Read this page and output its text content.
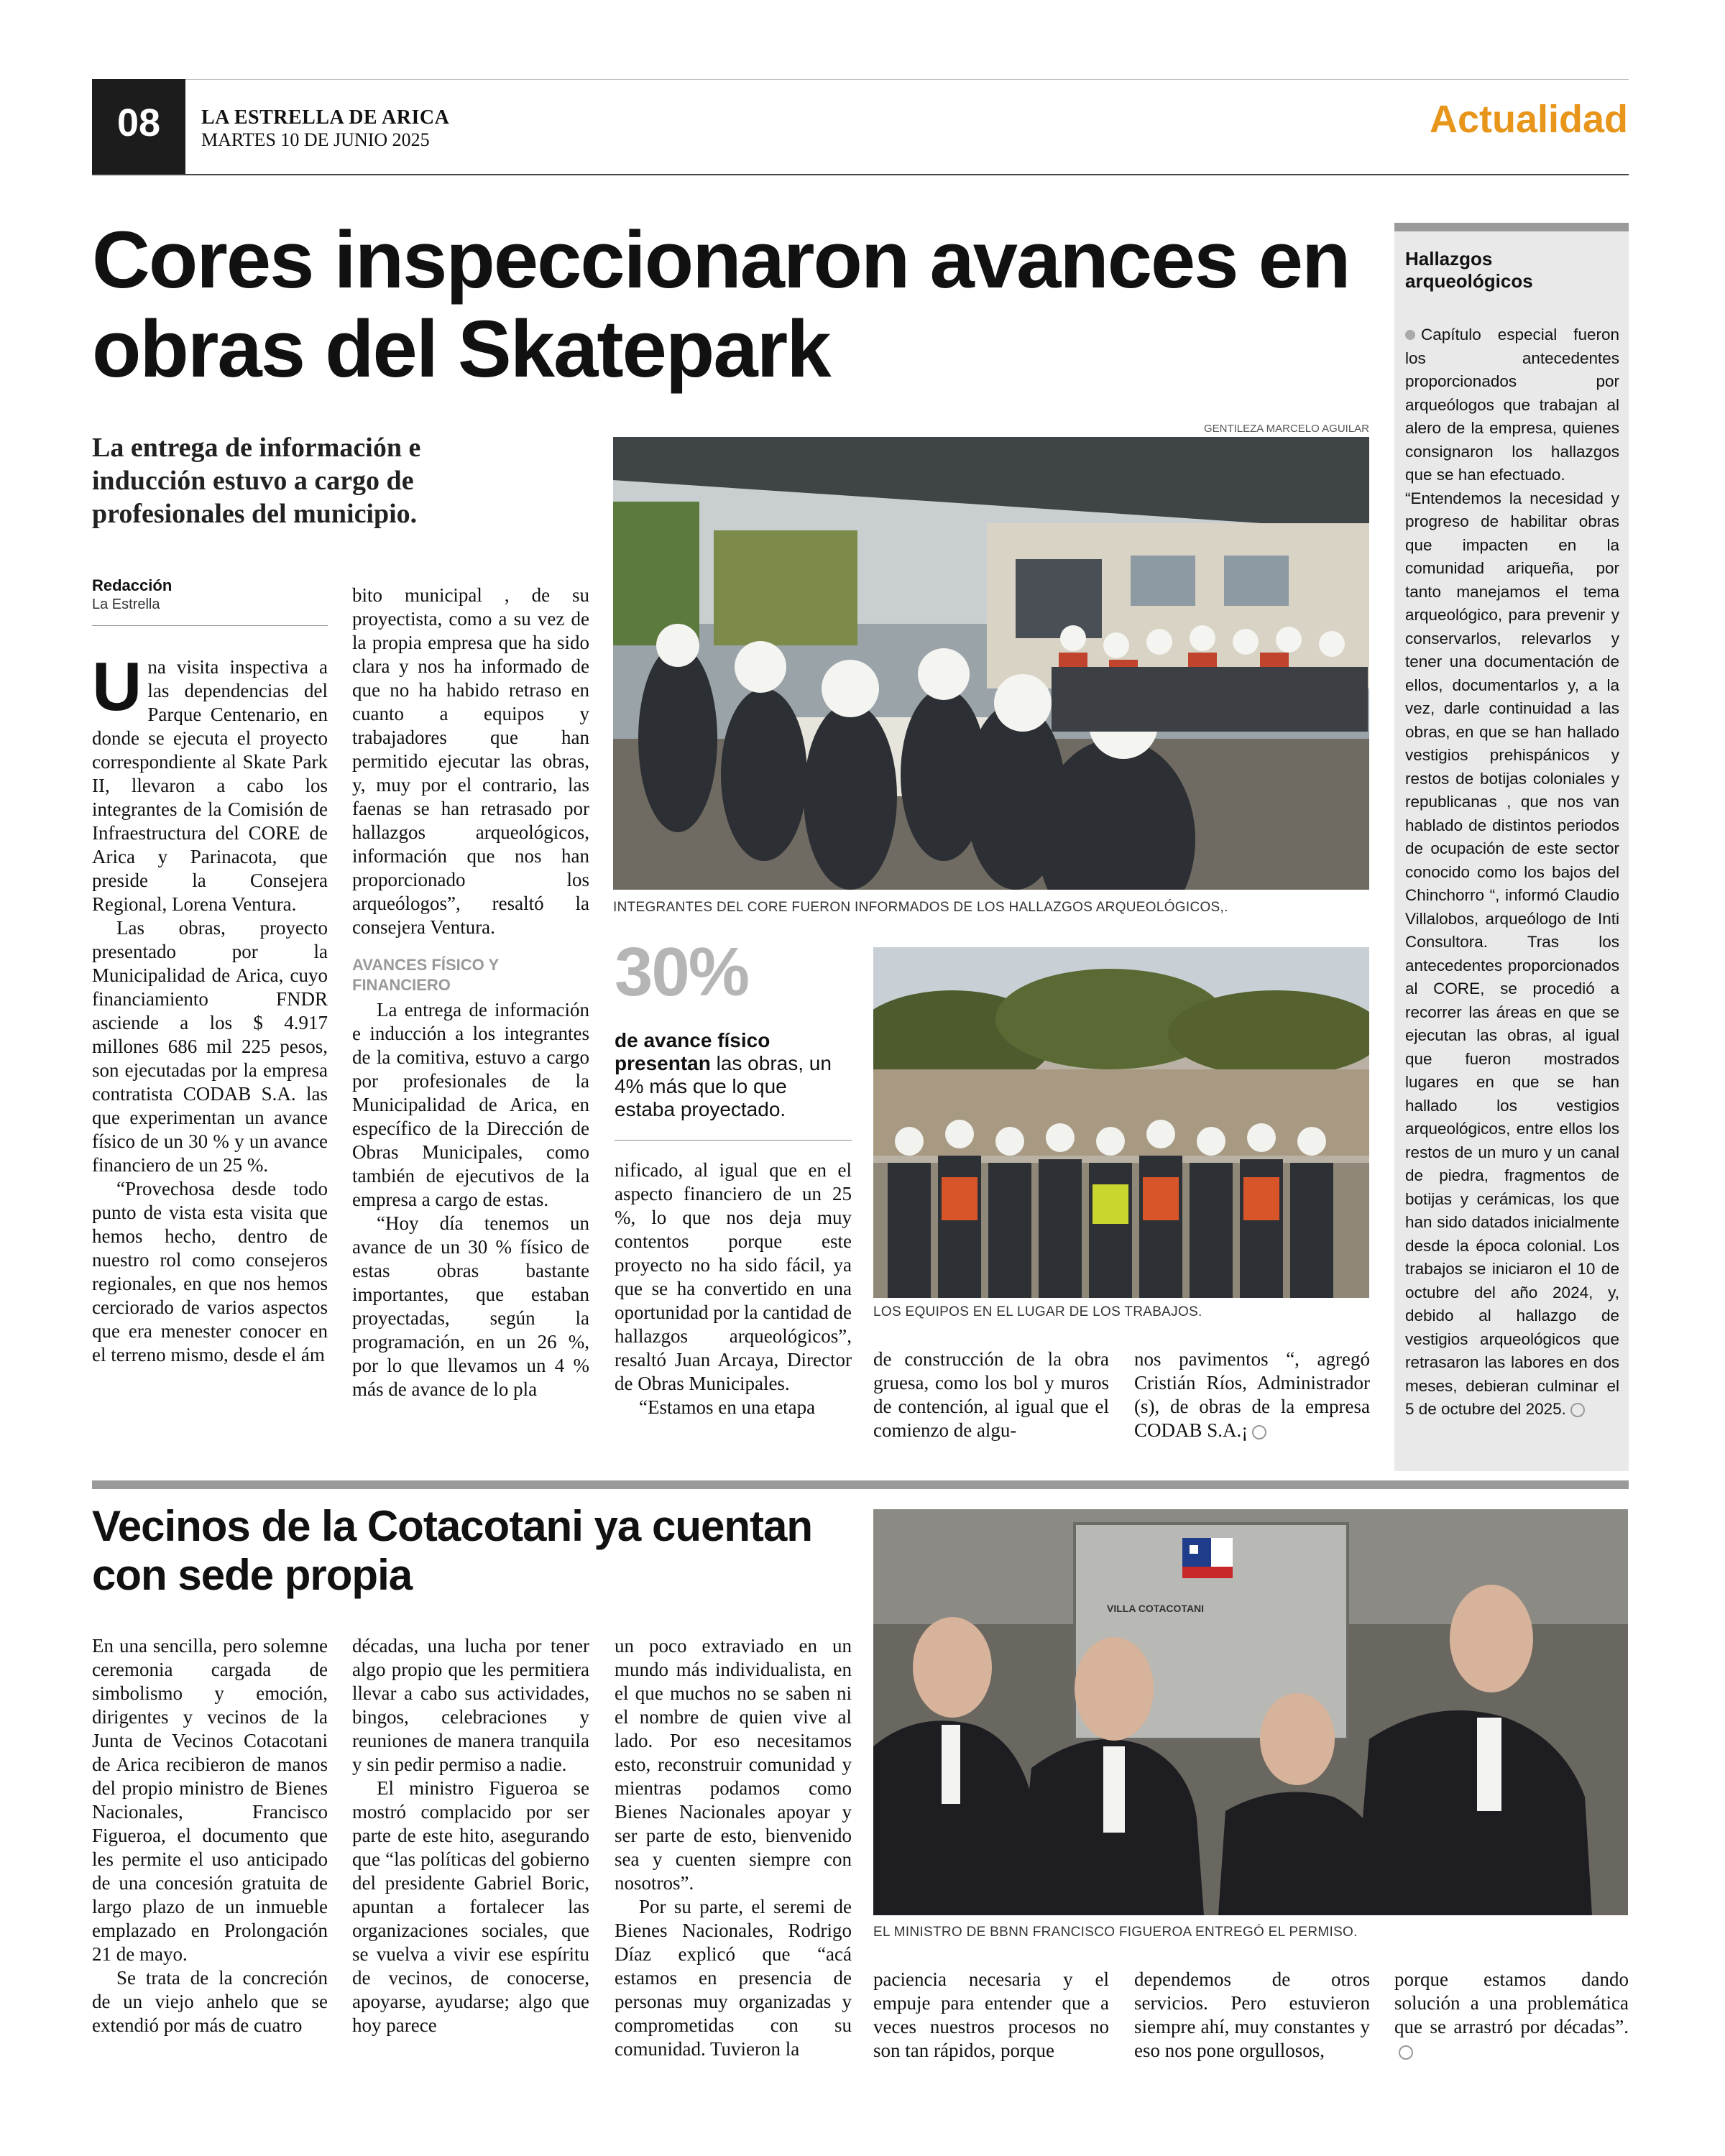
08	LA ESTRELLA DE ARICA
MARTES 10 DE JUNIO 2025	Actualidad
Cores inspeccionaron avances en
obras del Skatepark
La entrega de información e
inducción estuvo a cargo de
profesionales del municipio.
Redacción
La Estrella

Una visita inspectiva a las dependencias del Parque Centenario, en donde se ejecuta el proyecto correspondiente al Skate Park II, llevaron a cabo los integrantes de la Comisión de Infraestructura del CORE de Arica y Parinacota, que preside la Consejera Regional, Lorena Ventura.

Las obras, proyecto presentado por la Municipalidad de Arica, cuyo financiamiento FNDR asciende a los $ 4.917 millones 686 mil 225 pesos, son ejecutadas por la empresa contratista CODAB S.A. las que experimentan un avance físico de un 30 % y un avance financiero de un 25 %.

“Provechosa desde todo punto de vista esta visita que hemos hecho, dentro de nuestro rol como consejeros regionales, en que nos hemos cerciorado de varios aspectos que era menester conocer en el terreno mismo, desde el ám

bito municipal , de su proyectista, como a su vez de la propia empresa que ha sido clara y nos ha informado de que no ha habido retraso en cuanto a equipos y trabajadores que han permitido ejecutar las obras, y, muy por el contrario, las faenas se han retrasado por hallazgos arqueológicos, información que nos han proporcionado los arqueólogos”, resaltó la consejera Ventura.

AVANCES FÍSICO Y FINANCIERO

La entrega de información e inducción a los integrantes de la comitiva, estuvo a cargo por profesionales de la Municipalidad de Arica, en específico de la Dirección de Obras Municipales, como también de ejecutivos de la empresa a cargo de estas.

“Hoy día tenemos un avance de un 30 % físico de estas obras bastante importantes, que estaban proyectadas, según la programación, en un 26 %, por lo que llevamos un 4 % más de avance de lo pla

GENTILEZA MARCELO AGUILAR
INTEGRANTES DEL CORE FUERON INFORMADOS DE LOS HALLAZGOS ARQUEOLÓGICOS,.
30%
de avance físico presentan las obras, un 4% más que lo que estaba proyectado.

nificado, al igual que en el aspecto financiero de un 25 %, lo que nos deja muy contentos porque este proyecto no ha sido fácil, ya que se ha convertido en una oportunidad por la cantidad de hallazgos arqueológicos”, resaltó Juan Arcaya, Director de Obras Municipales.

“Estamos en una etapa

LOS EQUIPOS EN EL LUGAR DE LOS TRABAJOS.

de construcción de la obra gruesa, como los bol y muros de contención, al igual que el comienzo de algu-

nos pavimentos “, agregó Cristián Ríos, Administrador (s), de obras de la empresa CODAB S.A.¡

Hallazgos arqueológicos
Capítulo especial fueron los antecedentes proporcionados por arqueólogos que trabajan al alero de la empresa, quienes consignaron los hallazgos que se han efectuado.
“Entendemos la necesidad y progreso de habilitar obras que impacten en la comunidad ariqueña, por tanto manejamos el tema arqueológico, para prevenir y conservarlos, relevarlos y tener una documentación de ellos, documentarlos y, a la vez, darle continuidad a las obras, en que se han hallado vestigios prehispánicos y restos de botijas coloniales y republicanas , que nos van hablado de distintos periodos de ocupación de este sector conocido como los bajos del Chinchorro “, informó Claudio Villalobos, arqueólogo de Inti Consultora. Tras los antecedentes proporcionados al CORE, se procedió a recorrer las áreas en que se ejecutan las obras, al igual que fueron mostrados lugares en que se han hallado los vestigios arqueológicos, entre ellos los restos de un muro y un canal de piedra, fragmentos de botijas y cerámicas, los que han sido datados inicialmente desde la época colonial. Los trabajos se iniciaron el 10 de octubre del año 2024, y, debido al hallazgo de vestigios arqueológicos que retrasaron las labores en dos meses, debieran culminar el 5 de octubre del 2025.
Vecinos de la Cotacotani ya cuentan
con sede propia

En una sencilla, pero solemne ceremonia cargada de simbolismo y emoción, dirigentes y vecinos de la Junta de Vecinos Cotacotani de Arica recibieron de manos del propio ministro de Bienes Nacionales, Francisco Figueroa, el documento que les permite el uso anticipado de una concesión gratuita de largo plazo de un inmueble emplazado en Prolongación 21 de mayo.

Se trata de la concreción de un viejo anhelo que se extendió por más de cuatro

décadas, una lucha por tener algo propio que les permitiera llevar a cabo sus actividades, bingos, celebraciones y reuniones de manera tranquila y sin pedir permiso a nadie.

El ministro Figueroa se mostró complacido por ser parte de este hito, asegurando que “las políticas del gobierno del presidente Gabriel Boric, apuntan a fortalecer las organizaciones sociales, que se vuelva a vivir ese espíritu de vecinos, de conocerse, apoyarse, ayudarse; algo que hoy parece

un poco extraviado en un mundo más individualista, en el que muchos no se saben ni el nombre de quien vive al lado. Por eso necesitamos esto, reconstruir comunidad y mientras podamos como Bienes Nacionales apoyar y ser parte de esto, bienvenido sea y cuenten siempre con nosotros”.

Por su parte, el seremi de Bienes Nacionales, Rodrigo Díaz explicó que “acá estamos en presencia de personas muy organizadas y comprometidas con su comunidad. Tuvieron la

VILLA COTACOTANI
EL MINISTRO DE BBNN FRANCISCO FIGUEROA ENTREGÓ EL PERMISO.

paciencia necesaria y el empuje para entender que a veces nuestros procesos no son tan rápidos, porque

dependemos de otros servicios. Pero estuvieron siempre ahí, muy constantes y eso nos pone orgullosos,

porque estamos dando solución a una problemática que se arrastró por décadas”.
